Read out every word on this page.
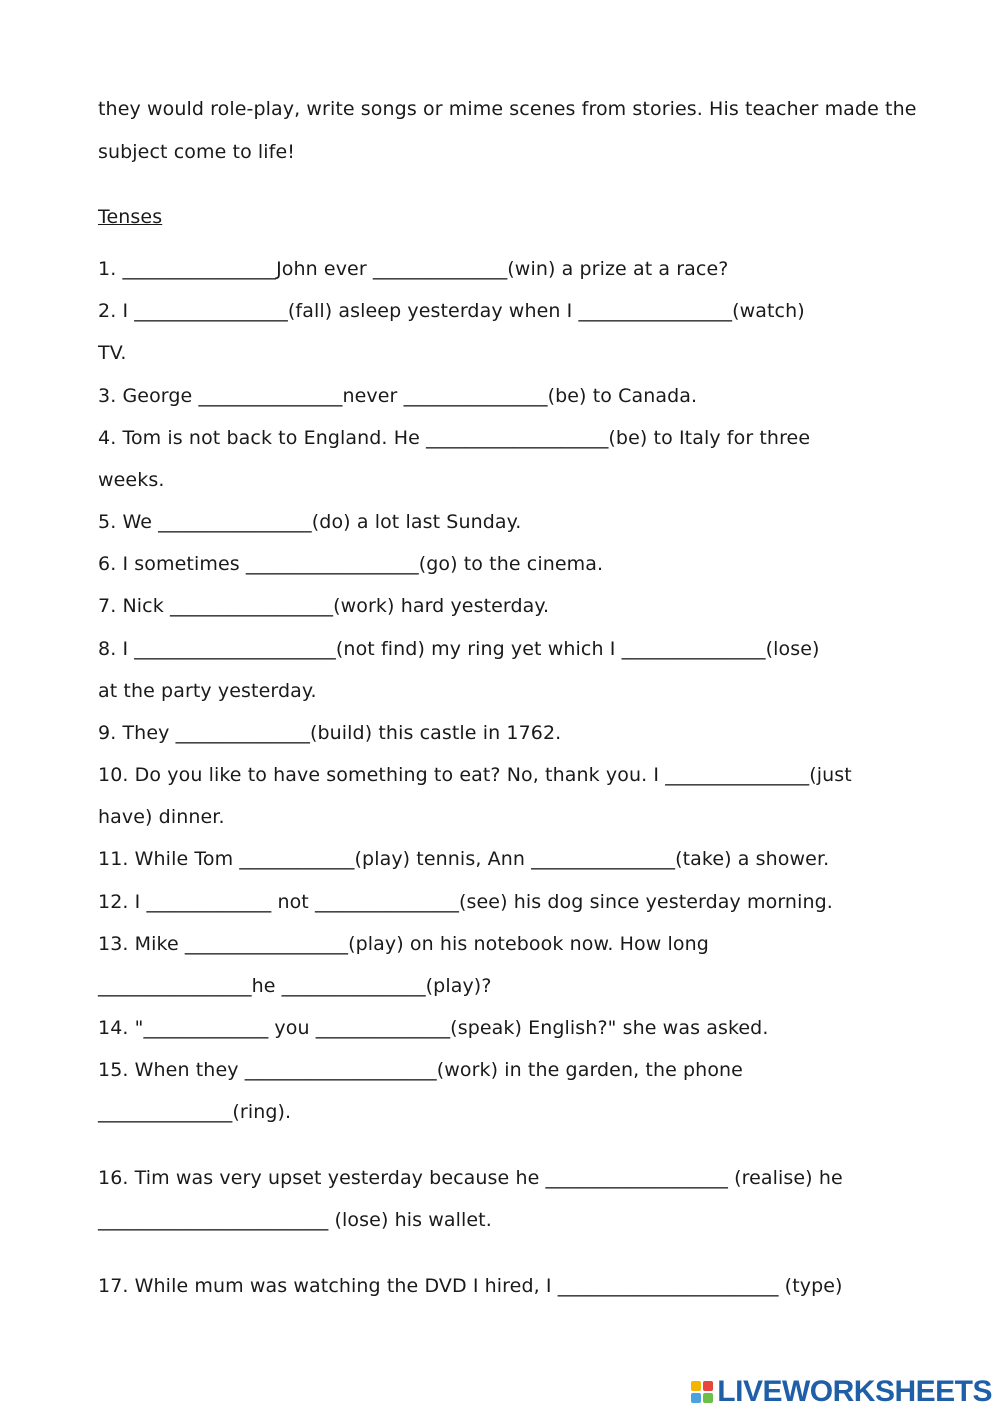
they would role-play, write songs or mime scenes from stories. His teacher made the
subject come to life!
Tenses
1. ________________John ever ______________(win) a prize at a race?
2. I ________________(fall) asleep yesterday when I ________________(watch)
TV.
3. George _______________never _______________(be) to Canada.
4. Tom is not back to England. He ___________________(be) to Italy for three
weeks.
5. We ________________(do) a lot last Sunday.
6. I sometimes __________________(go) to the cinema.
7. Nick _________________(work) hard yesterday.
8. I _____________________(not find) my ring yet which I _______________(lose)
at the party yesterday.
9. They ______________(build) this castle in 1762.
10. Do you like to have something to eat? No, thank you. I _______________(just
have) dinner.
11. While Tom ____________(play) tennis, Ann _______________(take) a shower.
12. I _____________ not _______________(see) his dog since yesterday morning.
13. Mike _________________(play) on his notebook now. How long
________________he _______________(play)?
14. "_____________ you ______________(speak) English?" she was asked.
15. When they ____________________(work) in the garden, the phone
______________(ring).
16. Tim was very upset yesterday because he ___________________ (realise) he
________________________ (lose) his wallet.
17. While mum was watching the DVD I hired, I _______________________ (type)
LIVEWORKSHEETS
